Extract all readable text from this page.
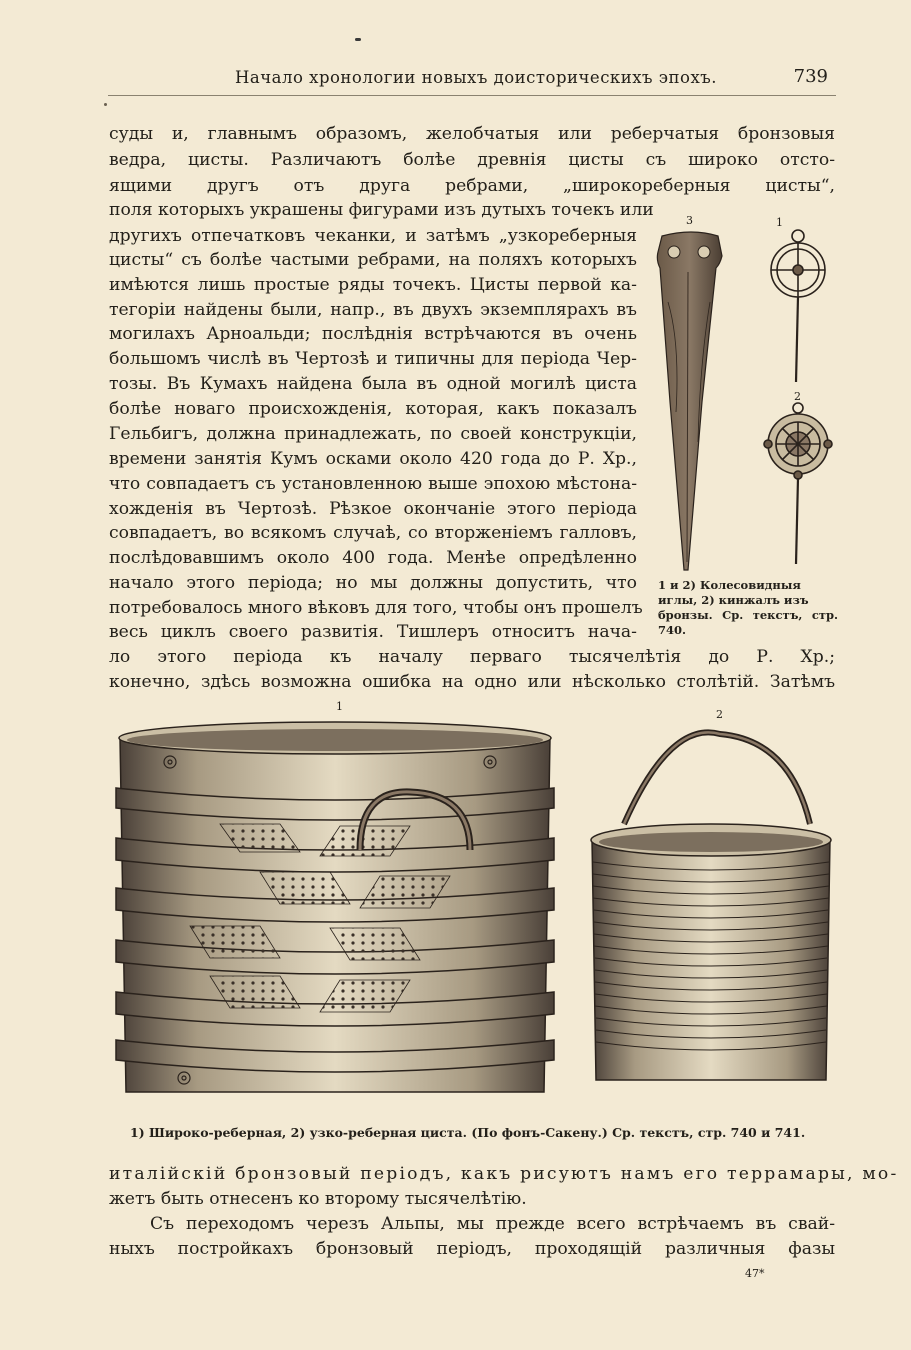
Начало хронологии новыхъ доисторическихъ эпохъ.	739
суды и, главнымъ образомъ, желобчатыя или реберчатыя бронзовыя
ведра, цисты. Различаютъ болѣе древнія цисты съ широко отсто-
ящими другъ отъ друга ребрами, „широкореберныя цисты“,
поля которыхъ украшены фигурами изъ дутыхъ точекъ или
другихъ отпечатковъ чеканки, и затѣмъ „узкореберныя
цисты“ съ болѣе частыми ребрами, на поляхъ которыхъ
имѣются лишь простые ряды точекъ. Цисты первой ка-
тегоріи найдены были, напр., въ двухъ экземплярахъ въ
могилахъ Арноальди; послѣднія встрѣчаются въ очень
большомъ числѣ въ Чертозѣ и типичны для періода Чер-
тозы. Въ Кумахъ найдена была въ одной могилѣ циста
болѣе новаго происхожденія, которая, какъ показалъ
Гельбигъ, должна принадлежать, по своей конструкціи,
времени занятія Кумъ осками около 420 года до Р. Хр.,
что совпадаетъ съ установленною выше эпохою мѣстона-
хожденія въ Чертозѣ. Рѣзкое окончаніе этого періода
совпадаетъ, во всякомъ случаѣ, со вторженіемъ галловъ,
послѣдовавшимъ около 400 года. Менѣе опредѣленно
начало этого періода; но мы должны допустить, что
потребовалось много вѣковъ для того, чтобы онъ прошелъ
весь циклъ своего развитія. Тишлеръ относитъ нача-
ло этого періода къ началу перваго тысячелѣтія до Р. Хр.;
конечно, здѣсь возможна ошибка на одно или нѣсколько столѣтій. Затѣмъ
3	1
2
1 и 2) Колесовидныя
иглы, 2) кинжалъ изъ
бронзы. Ср. текстъ, стр. 740.
1
2
1) Широко-реберная, 2) узко-реберная циста. (По фонъ-Сакену.) Ср. текстъ, стр. 740 и 741.
италійскій бронзовый періодъ, какъ рисуютъ намъ его террамары, мо-
жетъ быть отнесенъ ко второму тысячелѣтію.
Съ переходомъ черезъ Альпы, мы прежде всего встрѣчаемъ въ свай-
ныхъ постройкахъ бронзовый періодъ, проходящій различныя фазы
47*
